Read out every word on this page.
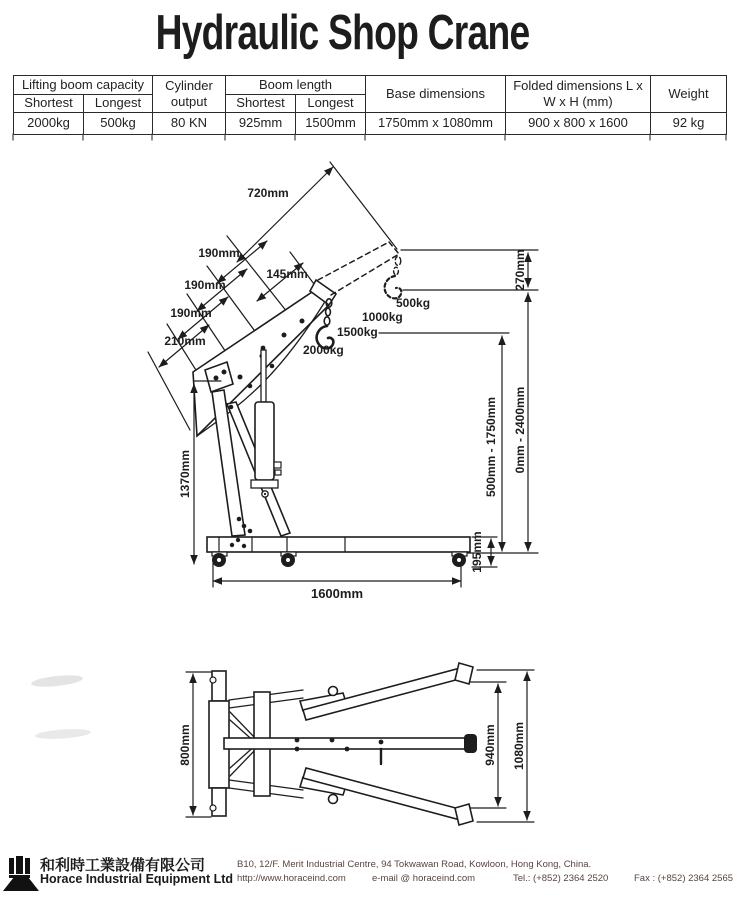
Hydraulic Shop Crane
Lifting boom capacity		Cylinder output	Boom length		Base dimensions	Folded dimensions L x W x H (mm)	Weight
Shortest	Longest		Shortest	Longest			
2000kg	500kg	80 KN	925mm	1500mm	1750mm x 1080mm	900 x 800 x 1600	92 kg
720mm
190mm
145mm
190mm
190mm
210mm
500kg
1000kg
1500kg
2000kg
270mm
0mm - 2400mm
500mm - 1750mm
1370mm
195mm
1600mm
800mm	940mm 1080mm
和利時工業設備有限公司
Horace Industrial Equipment Ltd
B10, 12/F. Merit Industrial Centre, 94 Tokwawan Road, Kowloon, Hong Kong, China.
http://www.horaceind.com	e-mail @ horaceind.com	Tel.: (+852) 2364 2520	Fax : (+852) 2364 2565
